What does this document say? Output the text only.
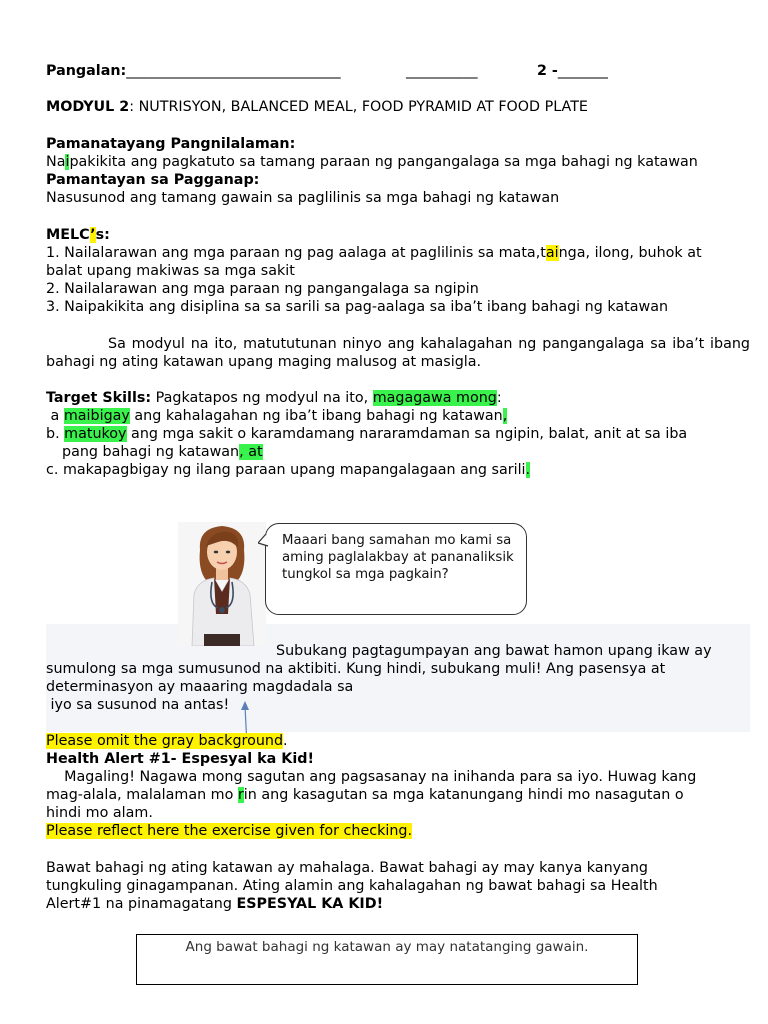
Pangalan:______________________________	__________	2 -_______
MODYUL 2: NUTRISYON, BALANCED MEAL, FOOD PYRAMID AT FOOD PLATE
Pamanatayang Pangnilalaman:
Naipakikita ang pagkatuto sa tamang paraan ng pangangalaga sa mga bahagi ng katawan
Pamantayan sa Pagganap:
Nasusunod ang tamang gawain sa paglilinis sa mga bahagi ng katawan
MELC’s:
1. Nailalarawan ang mga paraan ng pag aalaga at paglilinis sa mata,tainga, ilong, buhok at
balat upang makiwas sa mga sakit
2. Nailalarawan ang mga paraan ng pangangalaga sa ngipin
3. Naipakikita ang disiplina sa sa sarili sa pag-aalaga sa iba’t ibang bahagi ng katawan
Sa modyul na ito, matututunan ninyo ang kahalagahan ng pangangalaga sa iba’t ibang bahagi ng ating katawan upang maging malusog at masigla.
Target Skills: Pagkatapos ng modyul na ito, magagawa mong:
a maibigay ang kahalagahan ng iba’t ibang bahagi ng katawan,
b. matukoy ang mga sakit o karamdamang nararamdaman sa ngipin, balat, anit at sa iba
pang bahagi ng katawan, at
c. makapagbigay ng ilang paraan upang mapangalagaan ang sarili.
Maaari bang samahan mo kami sa aming paglalakbay at pananaliksik tungkol sa mga pagkain?
Subukang pagtagumpayan ang bawat hamon upang ikaw ay
sumulong sa mga sumusunod na aktibiti. Kung hindi, subukang muli! Ang pasensya at
determinasyon ay maaaring magdadala sa
iyo sa susunod na antas!
Please omit the gray background.
Health Alert #1- Espesyal ka Kid!
Magaling! Nagawa mong sagutan ang pagsasanay na inihanda para sa iyo. Huwag kang
mag-alala, malalaman mo rin ang kasagutan sa mga katanungang hindi mo nasagutan o
hindi mo alam.
Please reflect here the exercise given for checking.
Bawat bahagi ng ating katawan ay mahalaga. Bawat bahagi ay may kanya kanyang
tungkuling ginagampanan. Ating alamin ang kahalagahan ng bawat bahagi sa Health
Alert#1 na pinamagatang ESPESYAL KA KID!
Ang bawat bahagi ng katawan ay may natatanging gawain.
